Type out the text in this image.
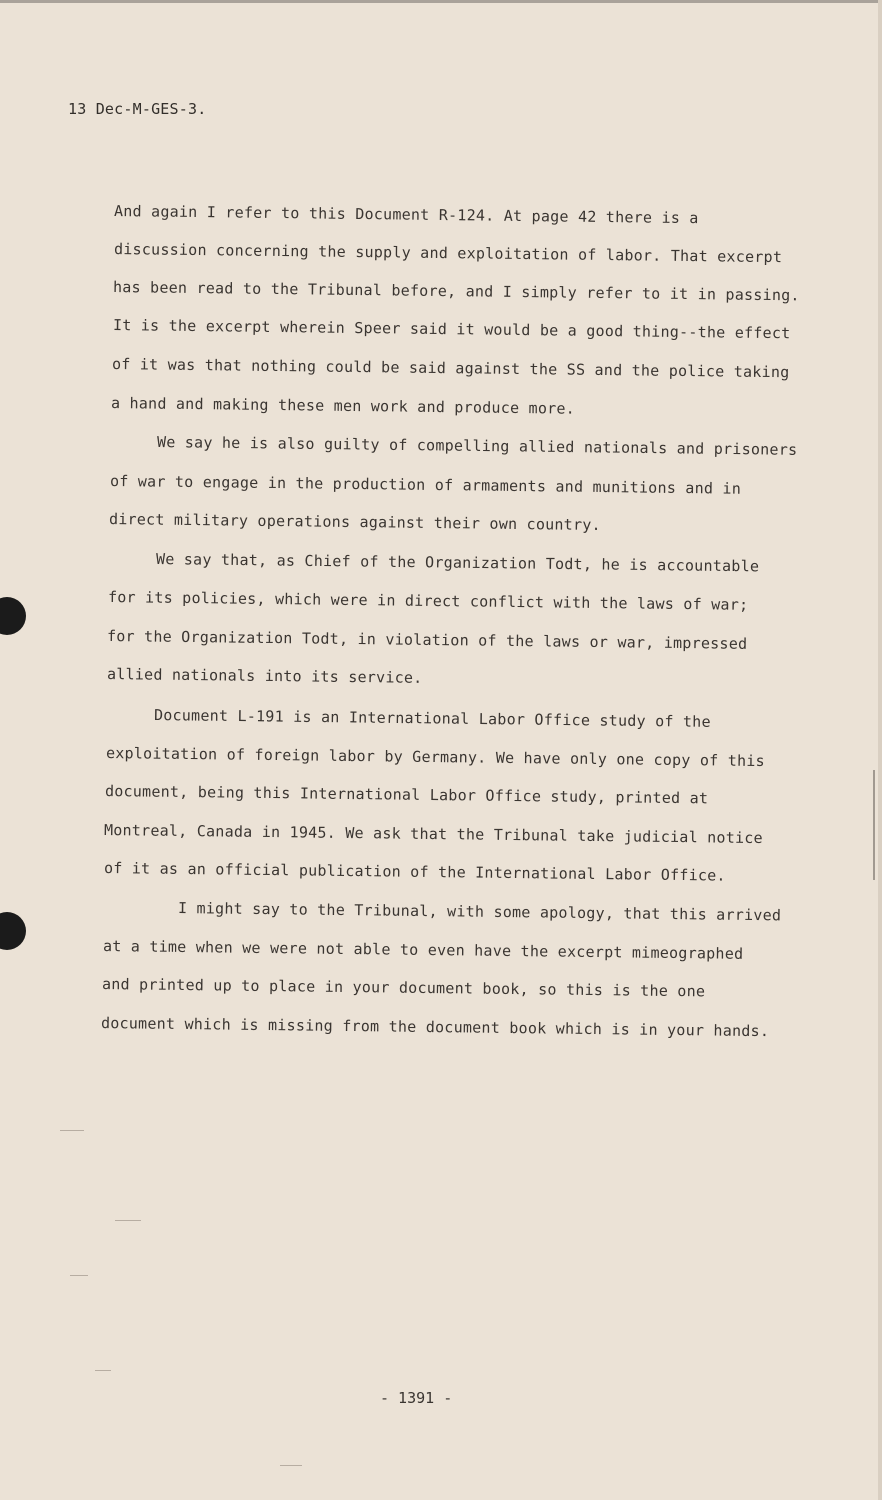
13 Dec-M-GES-3.
And again I refer to this Document R-124. At page 42 there is a
discussion concerning the supply and exploitation of labor. That excerpt
has been read to the Tribunal before, and I simply refer to it in passing.
It is the excerpt wherein Speer said it would be a good thing--the effect
of it was that nothing could be said against the SS and the police taking
a hand and making these men work and produce more.
We say he is also guilty of compelling allied nationals and prisoners
of war to engage in the production of armaments and munitions and in
direct military operations against their own country.
We say that, as Chief of the Organization Todt, he is accountable
for its policies, which were in direct conflict with the laws of war;
for the Organization Todt, in violation of the laws or war, impressed
allied nationals into its service.
Document L-191 is an International Labor Office study of the
exploitation of foreign labor by Germany. We have only one copy of this
document, being this International Labor Office study, printed at
Montreal, Canada in 1945. We ask that the Tribunal take judicial notice
of it as an official publication of the International Labor Office.
I might say to the Tribunal, with some apology, that this arrived
at a time when we were not able to even have the excerpt mimeographed
and printed up to place in your document book, so this is the one
document which is missing from the document book which is in your hands.
- 1391 -
